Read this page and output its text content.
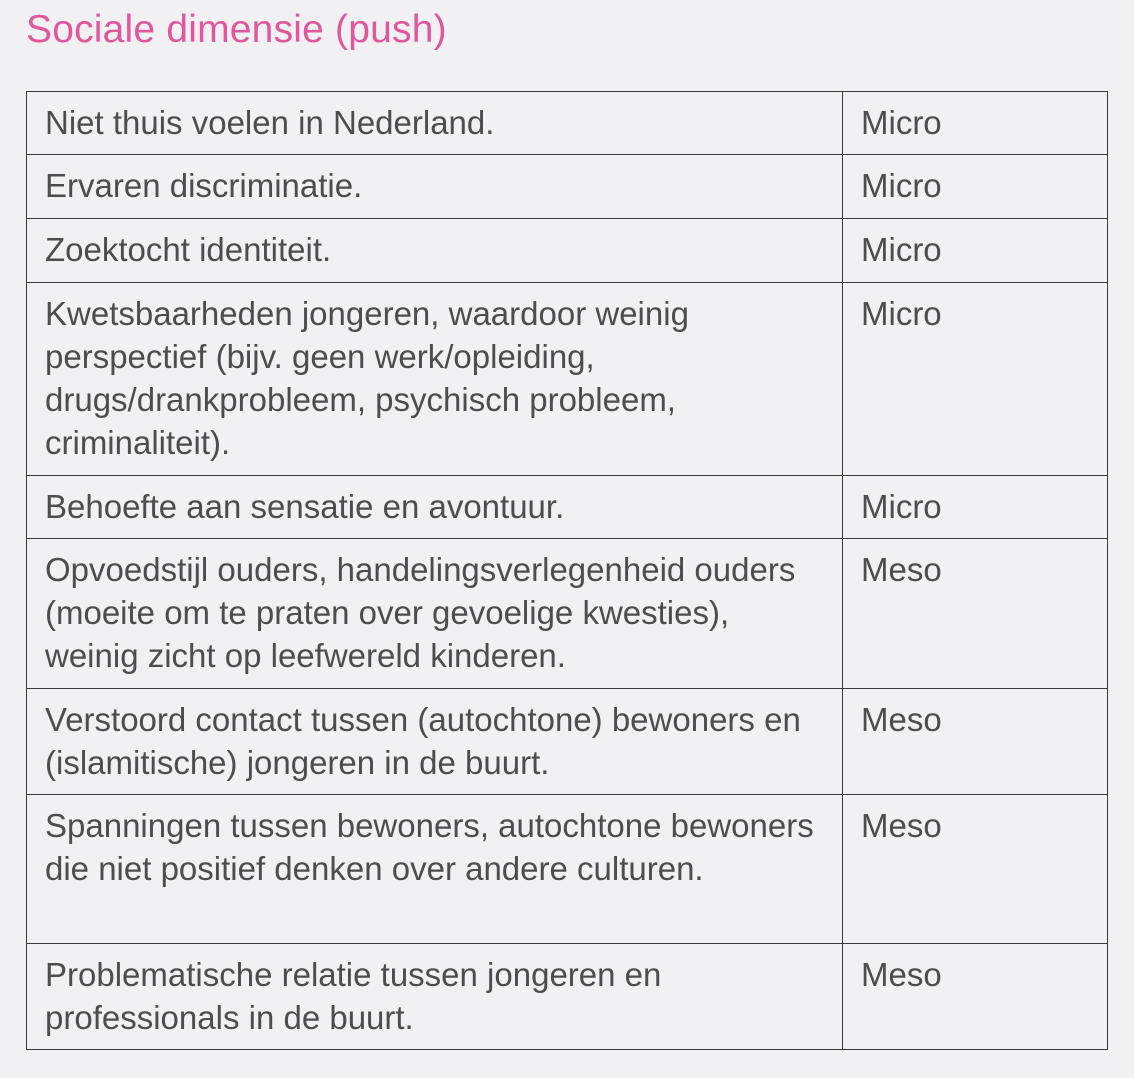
Sociale dimensie (push)
Niet thuis voelen in Nederland.	Micro
Ervaren discriminatie.	Micro
Zoektocht identiteit.	Micro
Kwetsbaarheden jongeren, waardoor weinig perspectief (bijv. geen werk/opleiding, drugs/drankprobleem, psychisch probleem, criminaliteit).	Micro
Behoefte aan sensatie en avontuur.	Micro
Opvoedstijl ouders, handelingsverlegenheid ouders (moeite om te praten over gevoelige kwesties), weinig zicht op leefwereld kinderen.	Meso
Verstoord contact tussen (autochtone) bewoners en (islamitische) jongeren in de buurt.	Meso
Spanningen tussen bewoners, autochtone bewoners die niet positief denken over andere culturen.	Meso
Problematische relatie tussen jongeren en professionals in de buurt.	Meso
